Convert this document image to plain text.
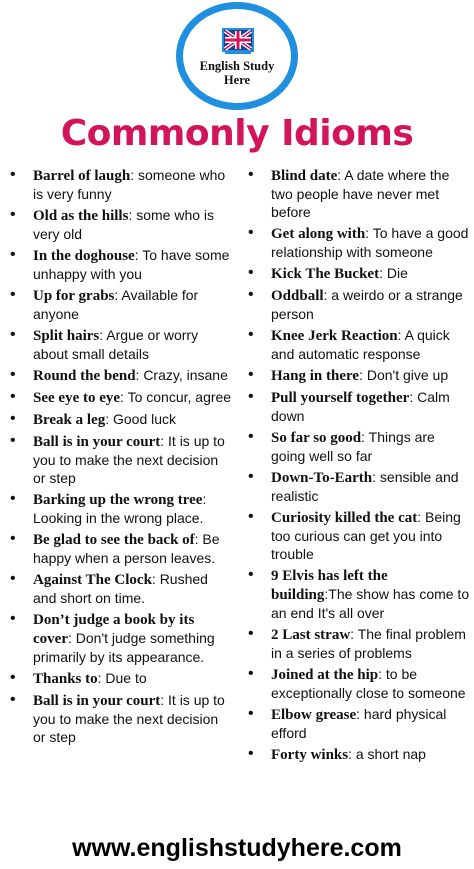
English Study
Here
Commonly Idioms
• Barrel of laugh: someone who is very funny
• Old as the hills: some who is very old
• In the doghouse: To have some unhappy with you
• Up for grabs: Available for anyone
• Split hairs: Argue or worry about small details
• Round the bend: Crazy, insane
• See eye to eye: To concur, agree
• Break a leg: Good luck
• Ball is in your court: It is up to you to make the next decision or step
• Barking up the wrong tree: Looking in the wrong place.
• Be glad to see the back of: Be happy when a person leaves.
• Against The Clock: Rushed and short on time.
• Don’t judge a book by its cover: Don't judge something primarily by its appearance.
• Thanks to: Due to
• Ball is in your court: It is up to you to make the next decision or step
• Blind date: A date where the two people have never met before
• Get along with: To have a good relationship with someone
• Kick The Bucket: Die
• Oddball: a weirdo or a strange person
• Knee Jerk Reaction: A quick and automatic response
• Hang in there: Don't give up
• Pull yourself together: Calm down
• So far so good: Things are going well so far
• Down-To-Earth: sensible and realistic
• Curiosity killed the cat: Being too curious can get you into trouble
• 9 Elvis has left the building:The show has come to an end It's all over
• 2 Last straw: The final problem in a series of problems
• Joined at the hip: to be exceptionally close to someone
• Elbow grease: hard physical efford
• Forty winks: a short nap
www.englishstudyhere.com
